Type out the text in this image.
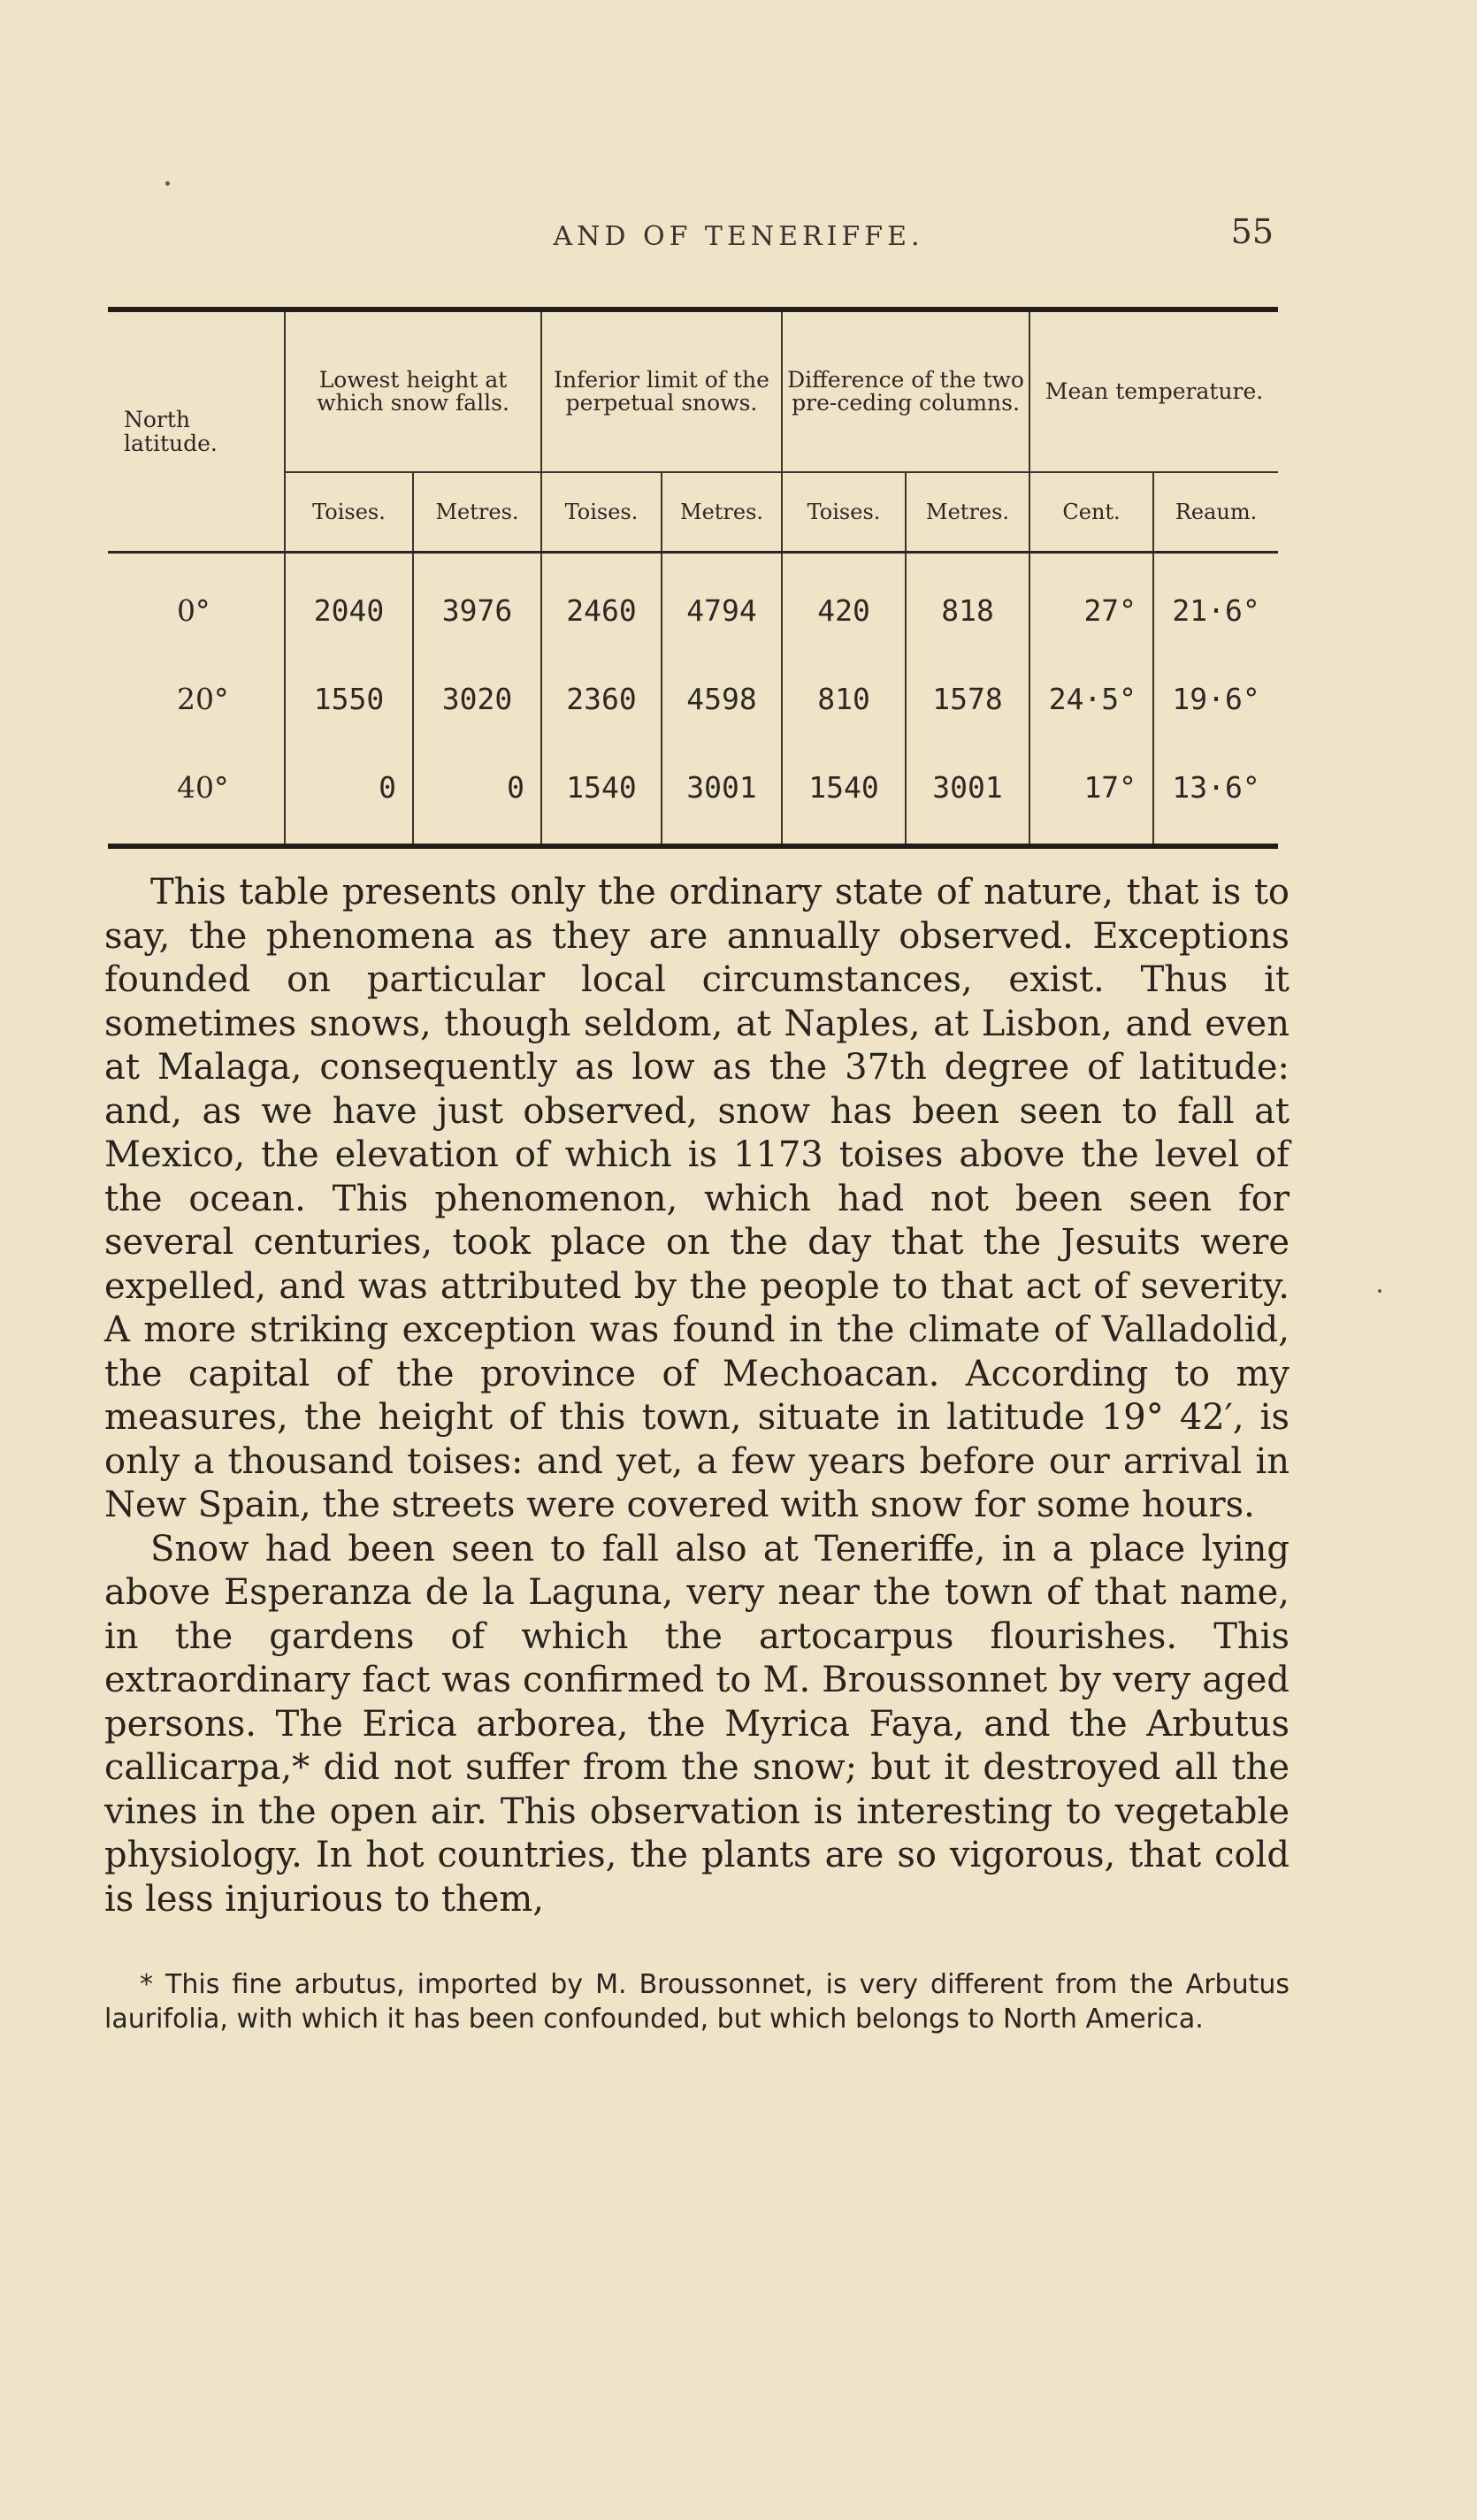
AND OF TENERIFFE.	55
North latitude.	Lowest height at which snow falls.		Inferior limit of the perpetual snows.		Difference of the two pre-ceding columns.		Mean temperature.	
	Toises.	Metres.	Toises.	Metres.	Toises.	Metres.	Cent.	Reaum.

0°	2040	3976	2460	4794	420	818	27°	21·6°
20°	1550	3020	2360	4598	810	1578	24·5°	19·6°
40°	0	0	1540	3001	1540	3001	17°	13·6°

This table presents only the ordinary state of nature, that is to say, the phenomena as they are annually observed. Exceptions founded on particular local circumstances, exist. Thus it sometimes snows, though seldom, at Naples, at Lisbon, and even at Malaga, consequently as low as the 37th degree of latitude: and, as we have just observed, snow has been seen to fall at Mexico, the elevation of which is 1173 toises above the level of the ocean. This phenomenon, which had not been seen for several centuries, took place on the day that the Jesuits were expelled, and was attributed by the people to that act of severity. A more striking exception was found in the climate of Valladolid, the capital of the province of Mechoacan. According to my measures, the height of this town, situate in latitude 19° 42′, is only a thousand toises: and yet, a few years before our arrival in New Spain, the streets were covered with snow for some hours.

Snow had been seen to fall also at Teneriffe, in a place lying above Esperanza de la Laguna, very near the town of that name, in the gardens of which the artocarpus flourishes. This extraordinary fact was confirmed to M. Broussonnet by very aged persons. The Erica arborea, the Myrica Faya, and the Arbutus callicarpa,* did not suffer from the snow; but it destroyed all the vines in the open air. This observation is interesting to vegetable physiology. In hot countries, the plants are so vigorous, that cold is less injurious to them,

* This fine arbutus, imported by M. Broussonnet, is very different from the Arbutus laurifolia, with which it has been confounded, but which belongs to North America.
